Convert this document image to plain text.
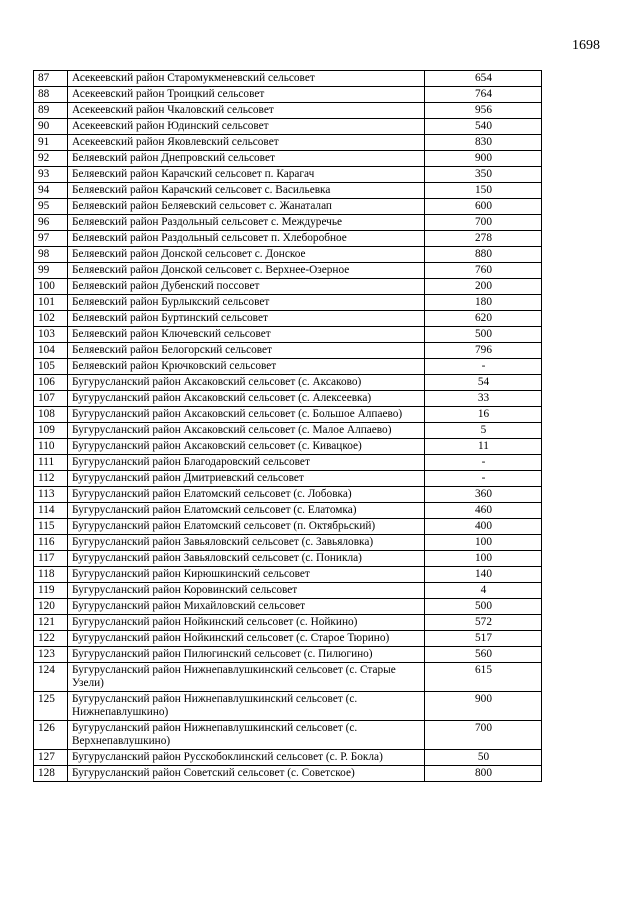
1698
87	Асекеевский район Старомукменевский сельсовет	654
88	Асекеевский район Троицкий сельсовет	764
89	Асекеевский район Чкаловский сельсовет	956
90	Асекеевский район Юдинский сельсовет	540
91	Асекеевский район Яковлевский сельсовет	830
92	Беляевский район Днепровский сельсовет	900
93	Беляевский район Карачский сельсовет п. Карагач	350
94	Беляевский район Карачский сельсовет с. Васильевка	150
95	Беляевский район Беляевский сельсовет с. Жанаталап	600
96	Беляевский район Раздольный сельсовет с. Междуречье	700
97	Беляевский район Раздольный сельсовет п. Хлеборобное	278
98	Беляевский район Донской сельсовет с. Донское	880
99	Беляевский район Донской сельсовет с. Верхнее-Озерное	760
100	Беляевский район Дубенский поссовет	200
101	Беляевский район Бурлыкский сельсовет	180
102	Беляевский район Буртинский сельсовет	620
103	Беляевский район Ключевский сельсовет	500
104	Беляевский район Белогорский сельсовет	796
105	Беляевский район Крючковский сельсовет	-
106	Бугурусланский район Аксаковский сельсовет (с. Аксаково)	54
107	Бугурусланский район Аксаковский сельсовет (с. Алексеевка)	33
108	Бугурусланский район Аксаковский сельсовет (с. Большое Алпаево)	16
109	Бугурусланский район Аксаковский сельсовет (с. Малое Алпаево)	5
110	Бугурусланский район Аксаковский сельсовет (с. Кивацкое)	11
111	Бугурусланский район Благодаровский сельсовет	-
112	Бугурусланский район Дмитриевский сельсовет	-
113	Бугурусланский район Елатомский сельсовет (с. Лобовка)	360
114	Бугурусланский район Елатомский сельсовет (с. Елатомка)	460
115	Бугурусланский район Елатомский сельсовет (п. Октябрьский)	400
116	Бугурусланский район Завьяловский сельсовет (с. Завьяловка)	100
117	Бугурусланский район Завьяловский сельсовет (с. Поникла)	100
118	Бугурусланский район Кирюшкинский сельсовет	140
119	Бугурусланский район Коровинский сельсовет	4
120	Бугурусланский район Михайловский сельсовет	500
121	Бугурусланский район Нойкинский сельсовет (с. Нойкино)	572
122	Бугурусланский район Нойкинский сельсовет (с. Старое Тюрино)	517
123	Бугурусланский район Пилюгинский сельсовет (с. Пилюгино)	560
124	Бугурусланский район Нижнепавлушкинский сельсовет (с. Старые Узели)	615
125	Бугурусланский район Нижнепавлушкинский сельсовет (с. Нижнепавлушкино)	900
126	Бугурусланский район Нижнепавлушкинский сельсовет (с. Верхнепавлушкино)	700
127	Бугурусланский район Русскобоклинский сельсовет (с. Р. Бокла)	50
128	Бугурусланский район Советский сельсовет (с. Советское)	800
